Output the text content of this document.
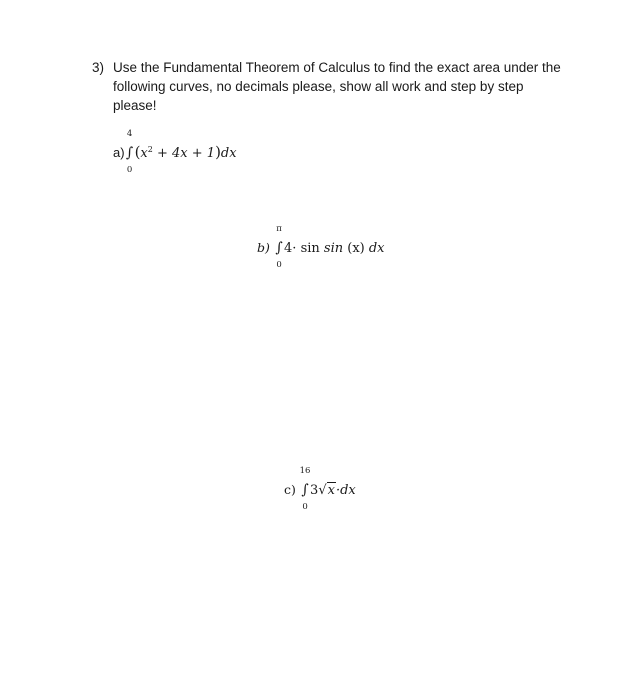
3) Use the Fundamental Theorem of Calculus to find the exact area under the following curves, no decimals please, show all work and step by step please!
a)
4
∫
0
$(x^2 + 4x + 1)dx$
b)
π
∫
0
4· sin sin (x) dx
c)
16
∫
0
3√x·dx
